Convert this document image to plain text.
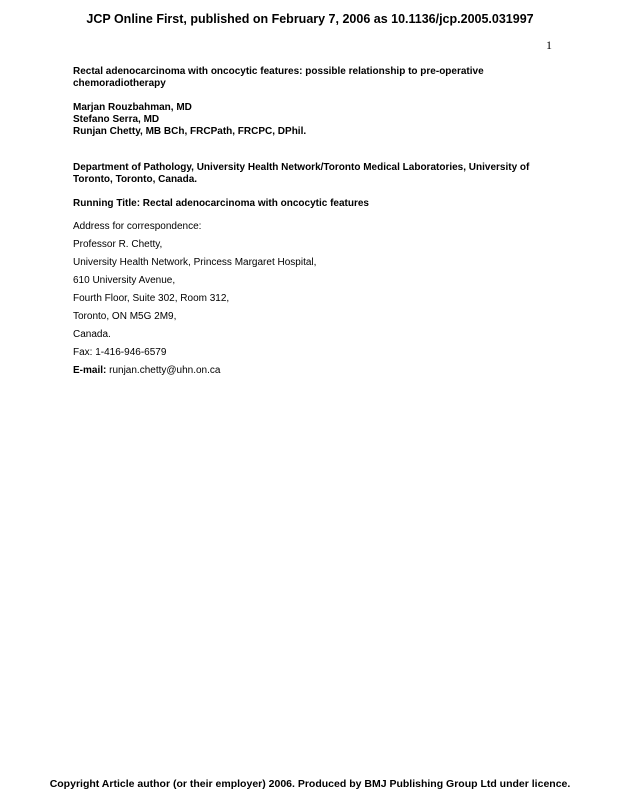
JCP Online First, published on February 7, 2006 as 10.1136/jcp.2005.031997
1
Rectal adenocarcinoma with oncocytic features: possible relationship to pre-operative
chemoradiotherapy
Marjan Rouzbahman, MD
Stefano Serra, MD
Runjan Chetty, MB BCh, FRCPath, FRCPC, DPhil.
Department of Pathology, University Health Network/Toronto Medical Laboratories, University of
Toronto, Toronto, Canada.
Running Title: Rectal adenocarcinoma with oncocytic features
Address for correspondence:
Professor R. Chetty,
University Health Network, Princess Margaret Hospital,
610 University Avenue,
Fourth Floor, Suite 302, Room 312,
Toronto, ON M5G 2M9,
Canada.
Fax: 1-416-946-6579
E-mail: runjan.chetty@uhn.on.ca
Copyright Article author (or their employer) 2006. Produced by BMJ Publishing Group Ltd under licence.
